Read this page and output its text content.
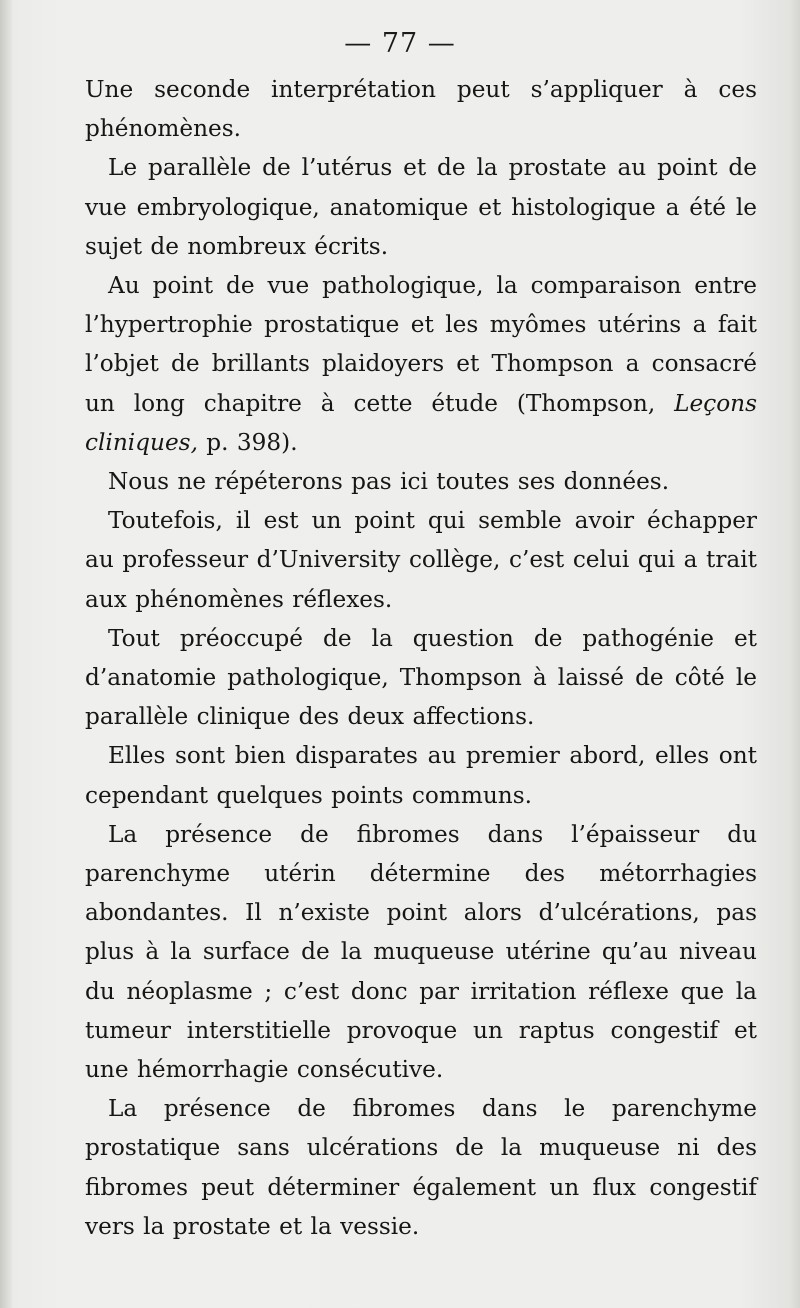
— 77 —

Une seconde interprétation peut s’appliquer à ces phénomènes.

Le parallèle de l’utérus et de la prostate au point de vue embryologique, anatomique et histologique a été le sujet de nombreux écrits.

Au point de vue pathologique, la comparaison entre l’hypertrophie prostatique et les myômes utérins a fait l’objet de brillants plaidoyers et Thompson a consacré un long chapitre à cette étude (Thompson, Leçons cliniques, p. 398).

Nous ne répéterons pas ici toutes ses données.

Toutefois, il est un point qui semble avoir échapper au professeur d’University collège, c’est celui qui a trait aux phénomènes réflexes.

Tout préoccupé de la question de pathogénie et d’anatomie pathologique, Thompson à laissé de côté le parallèle clinique des deux affections.

Elles sont bien disparates au premier abord, elles ont cependant quelques points communs.

La présence de fibromes dans l’épaisseur du parenchyme utérin détermine des métorrhagies abondantes. Il n’existe point alors d’ulcérations, pas plus à la surface de la muqueuse utérine qu’au niveau du néoplasme ; c’est donc par irritation réflexe que la tumeur interstitielle provoque un raptus congestif et une hémorrhagie consécutive.

La présence de fibromes dans le parenchyme prostatique sans ulcérations de la muqueuse ni des fibromes peut déterminer également un flux congestif vers la prostate et la vessie.
